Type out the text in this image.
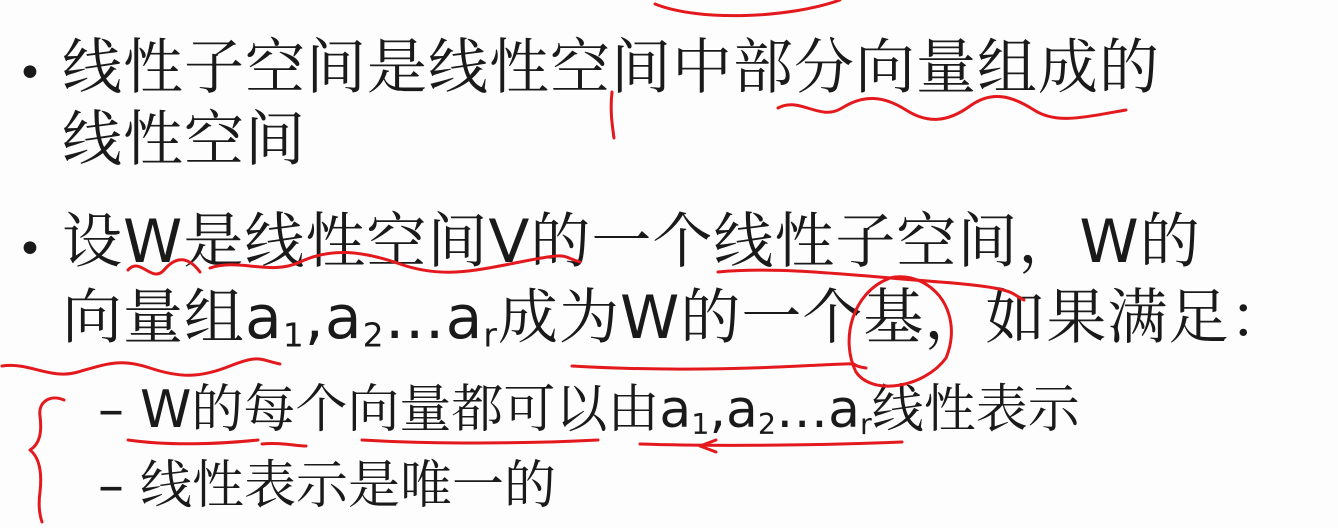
• 线性子空间是线性空间中部分向量组成的
线性空间
• 设W是线性空间V的一个线性子空间，W的
向量组$a_1,a_2\dots a_r$成为W的一个基，如果满足：
– W的每个向量都可以由$a_1,a_2\dots a_r$线性表示
– 线性表示是唯一的
